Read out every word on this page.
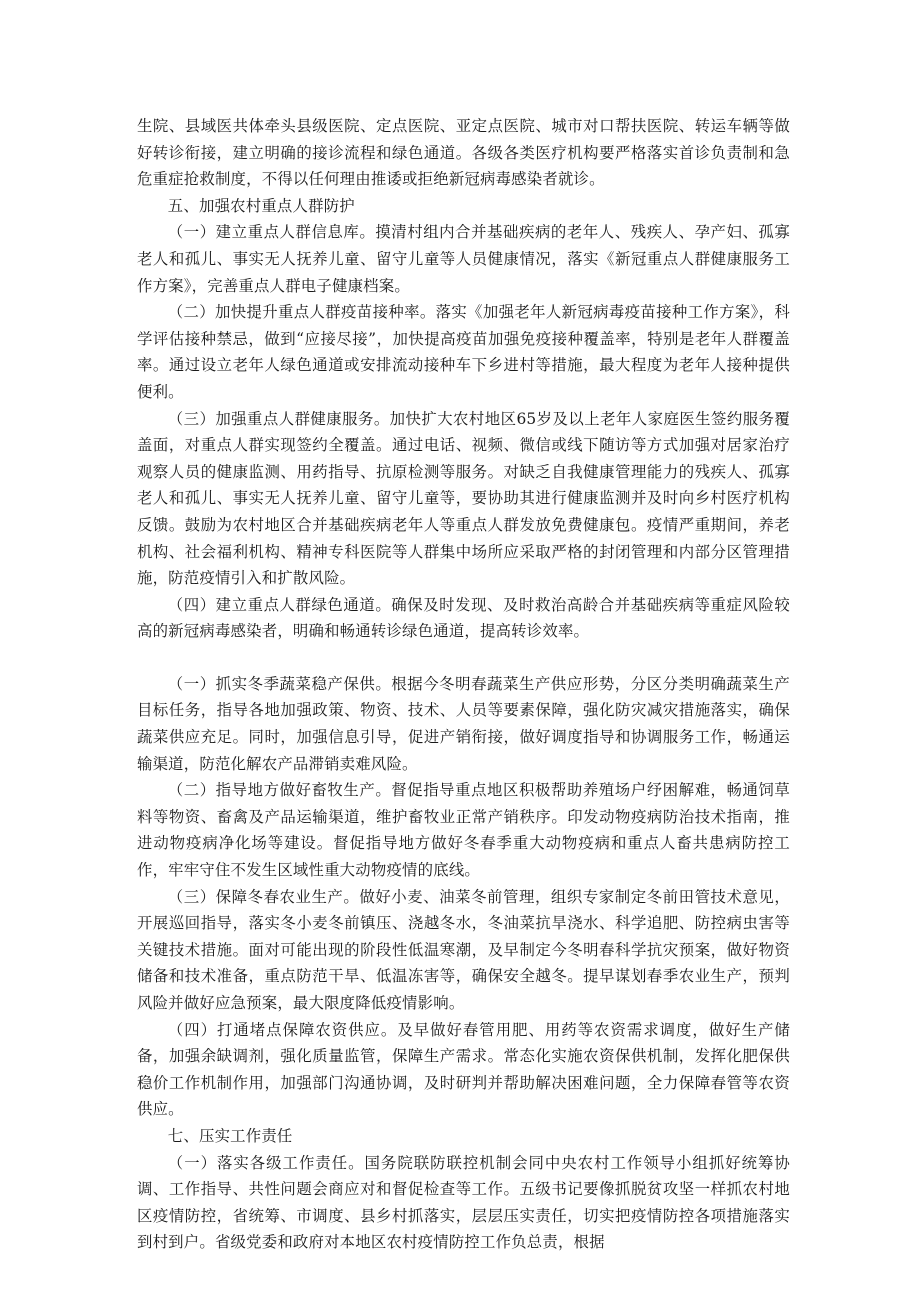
生院、县域医共体牵头县级医院、定点医院、亚定点医院、城市对口帮扶医院、转运车辆等做好转诊衔接，建立明确的接诊流程和绿色通道。各级各类医疗机构要严格落实首诊负责制和急危重症抢救制度，不得以任何理由推诿或拒绝新冠病毒感染者就诊。

五、加强农村重点人群防护

（一）建立重点人群信息库。摸清村组内合并基础疾病的老年人、残疾人、孕产妇、孤寡老人和孤儿、事实无人抚养儿童、留守儿童等人员健康情况，落实《新冠重点人群健康服务工作方案》，完善重点人群电子健康档案。

（二）加快提升重点人群疫苗接种率。落实《加强老年人新冠病毒疫苗接种工作方案》，科学评估接种禁忌，做到“应接尽接”，加快提高疫苗加强免疫接种覆盖率，特别是老年人群覆盖率。通过设立老年人绿色通道或安排流动接种车下乡进村等措施，最大程度为老年人接种提供便利。

（三）加强重点人群健康服务。加快扩大农村地区65岁及以上老年人家庭医生签约服务覆盖面，对重点人群实现签约全覆盖。通过电话、视频、微信或线下随访等方式加强对居家治疗观察人员的健康监测、用药指导、抗原检测等服务。对缺乏自我健康管理能力的残疾人、孤寡老人和孤儿、事实无人抚养儿童、留守儿童等，要协助其进行健康监测并及时向乡村医疗机构反馈。鼓励为农村地区合并基础疾病老年人等重点人群发放免费健康包。疫情严重期间，养老机构、社会福利机构、精神专科医院等人群集中场所应采取严格的封闭管理和内部分区管理措施，防范疫情引入和扩散风险。

（四）建立重点人群绿色通道。确保及时发现、及时救治高龄合并基础疾病等重症风险较高的新冠病毒感染者，明确和畅通转诊绿色通道，提高转诊效率。

（一）抓实冬季蔬菜稳产保供。根据今冬明春蔬菜生产供应形势，分区分类明确蔬菜生产目标任务，指导各地加强政策、物资、技术、人员等要素保障，强化防灾减灾措施落实，确保蔬菜供应充足。同时，加强信息引导，促进产销衔接，做好调度指导和协调服务工作，畅通运输渠道，防范化解农产品滞销卖难风险。

（二）指导地方做好畜牧生产。督促指导重点地区积极帮助养殖场户纾困解难，畅通饲草料等物资、畜禽及产品运输渠道，维护畜牧业正常产销秩序。印发动物疫病防治技术指南，推进动物疫病净化场等建设。督促指导地方做好冬春季重大动物疫病和重点人畜共患病防控工作，牢牢守住不发生区域性重大动物疫情的底线。

（三）保障冬春农业生产。做好小麦、油菜冬前管理，组织专家制定冬前田管技术意见，开展巡回指导，落实冬小麦冬前镇压、浇越冬水，冬油菜抗旱浇水、科学追肥、防控病虫害等关键技术措施。面对可能出现的阶段性低温寒潮，及早制定今冬明春科学抗灾预案，做好物资储备和技术准备，重点防范干旱、低温冻害等，确保安全越冬。提早谋划春季农业生产，预判风险并做好应急预案，最大限度降低疫情影响。

（四）打通堵点保障农资供应。及早做好春管用肥、用药等农资需求调度，做好生产储备，加强余缺调剂，强化质量监管，保障生产需求。常态化实施农资保供机制，发挥化肥保供稳价工作机制作用，加强部门沟通协调，及时研判并帮助解决困难问题，全力保障春管等农资供应。

七、压实工作责任

（一）落实各级工作责任。国务院联防联控机制会同中央农村工作领导小组抓好统筹协调、工作指导、共性问题会商应对和督促检查等工作。五级书记要像抓脱贫攻坚一样抓农村地区疫情防控，省统筹、市调度、县乡村抓落实，层层压实责任，切实把疫情防控各项措施落实到村到户。省级党委和政府对本地区农村疫情防控工作负总责，根据
